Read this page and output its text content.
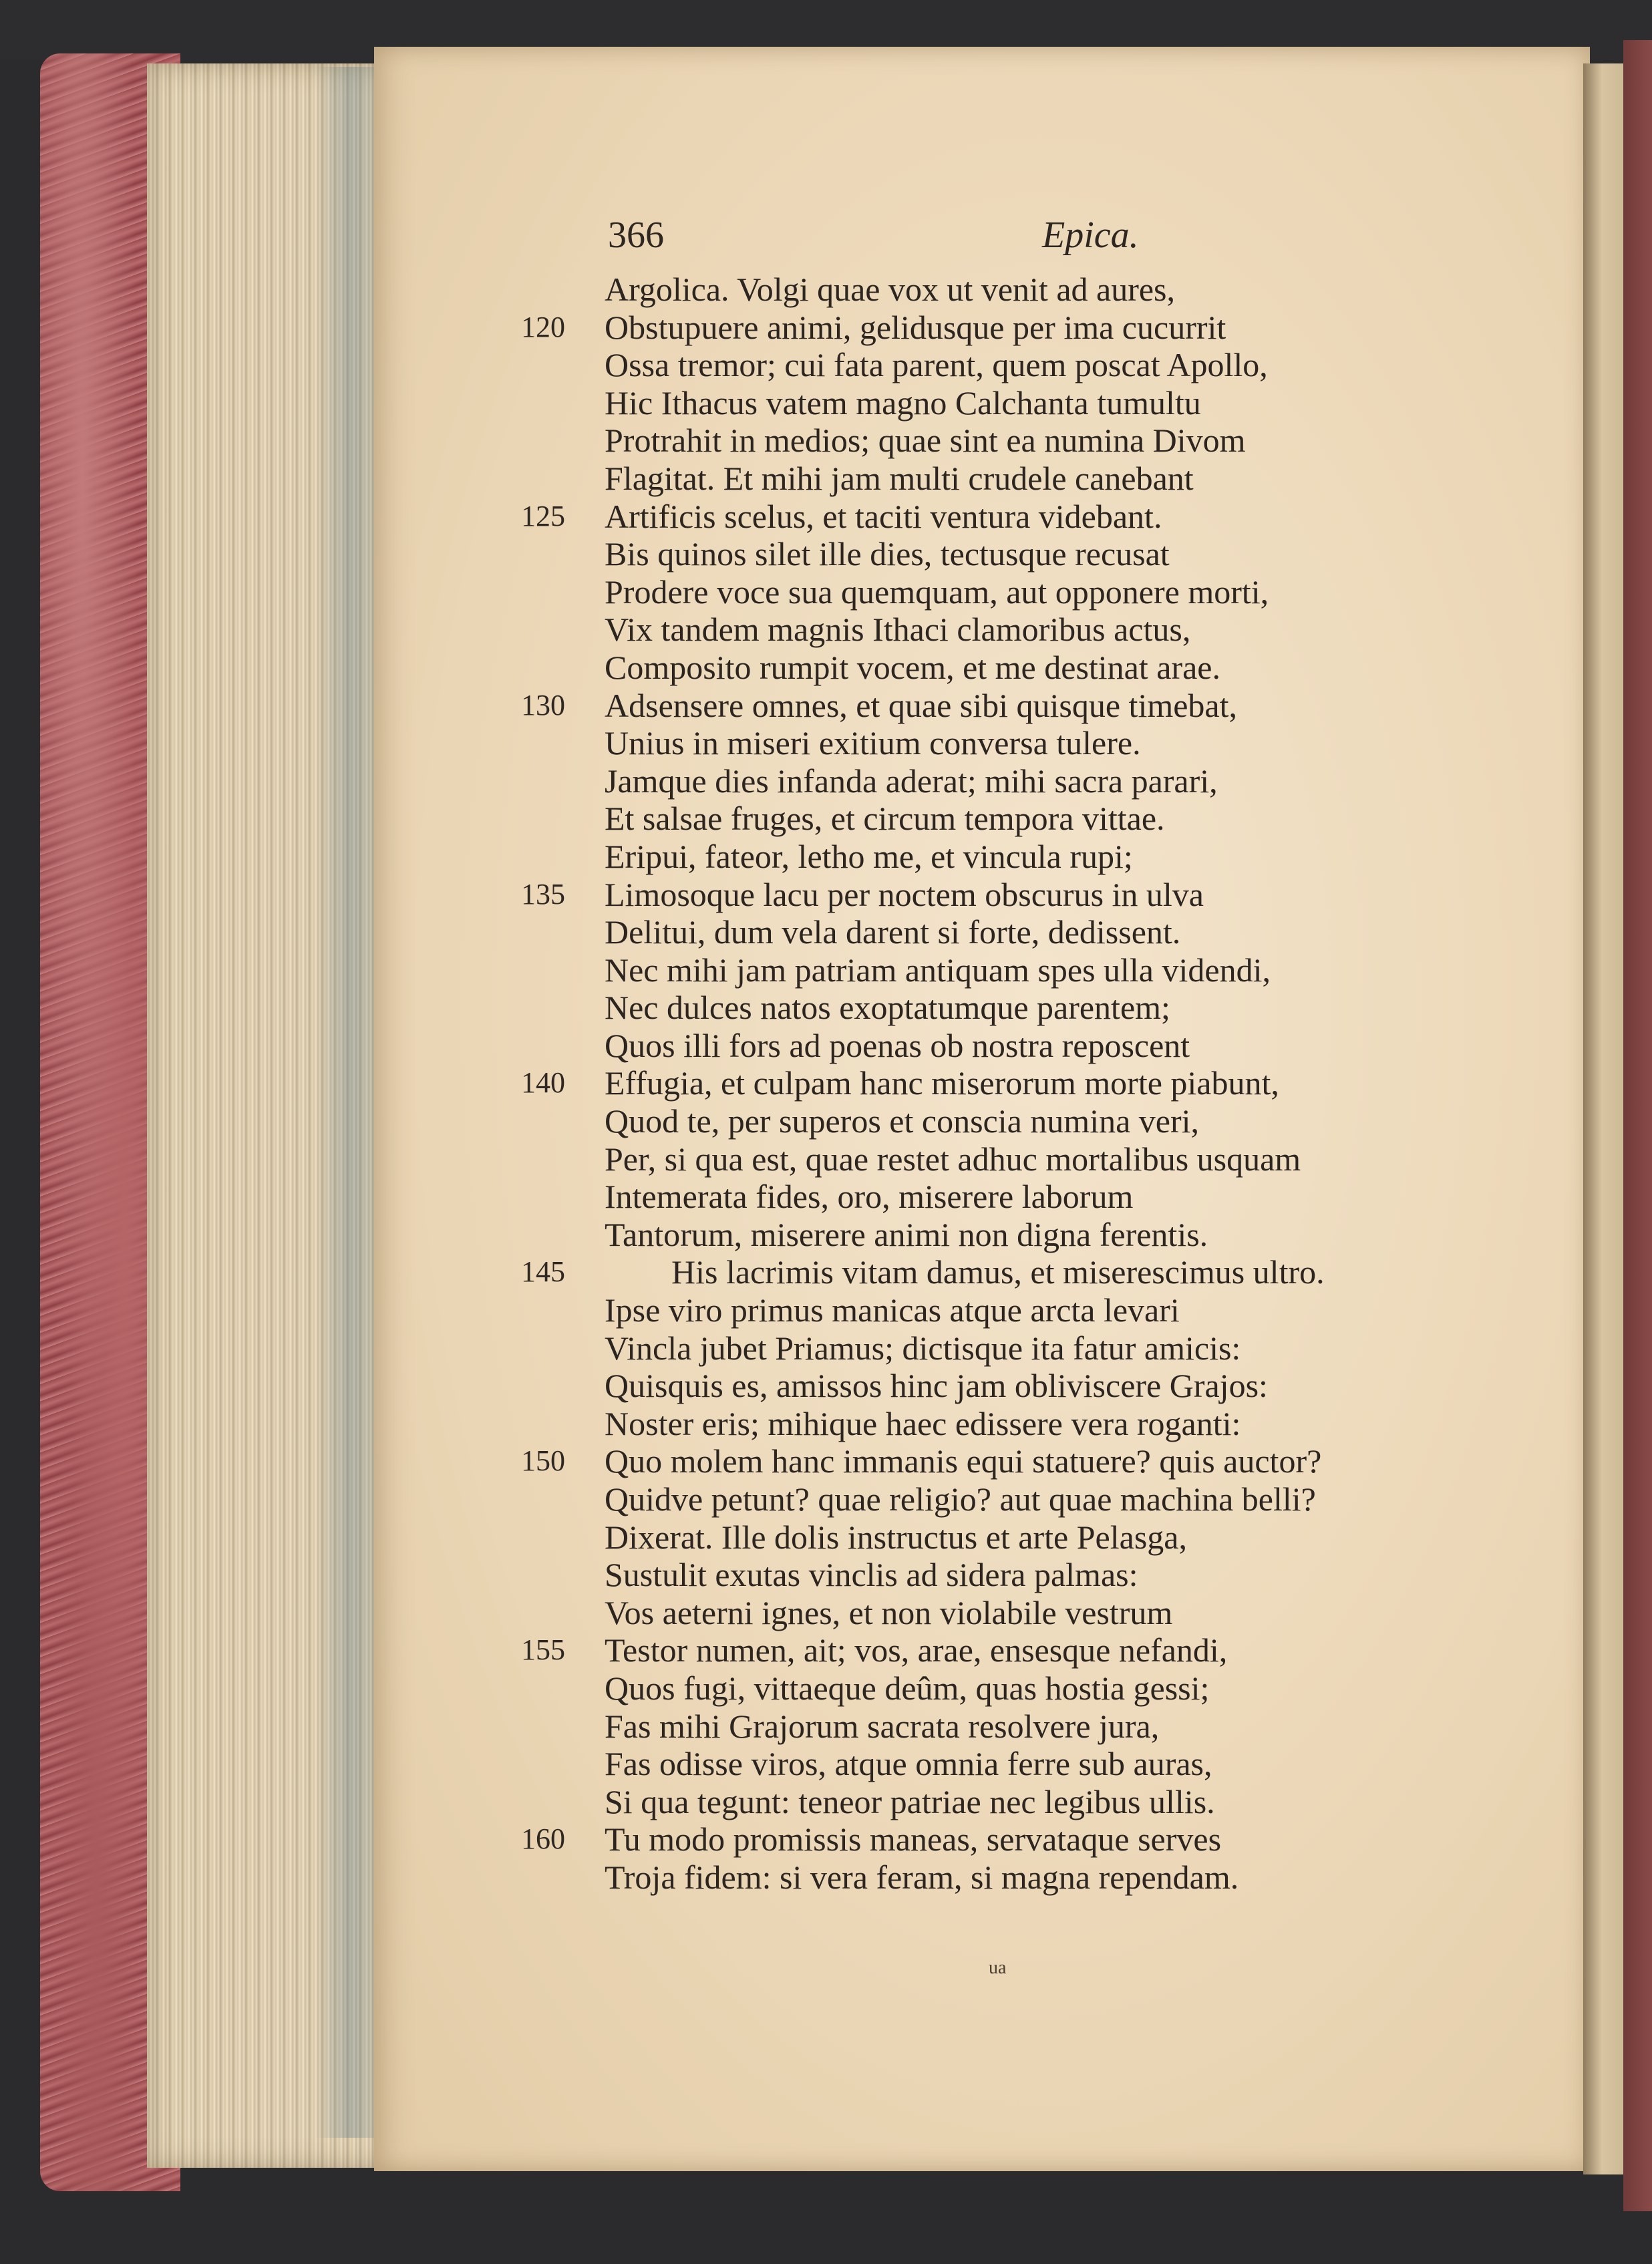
366	Epica.
Argolica. Volgi quae vox ut venit ad aures,
120	Obstupuere animi, gelidusque per ima cucurrit
Ossa tremor; cui fata parent, quem poscat Apollo,
Hic Ithacus vatem magno Calchanta tumultu
Protrahit in medios; quae sint ea numina Divom
Flagitat. Et mihi jam multi crudele canebant
125	Artificis scelus, et taciti ventura videbant.
Bis quinos silet ille dies, tectusque recusat
Prodere voce sua quemquam, aut opponere morti,
Vix tandem magnis Ithaci clamoribus actus,
Composito rumpit vocem, et me destinat arae.
130	Adsensere omnes, et quae sibi quisque timebat,
Unius in miseri exitium conversa tulere.
Jamque dies infanda aderat; mihi sacra parari,
Et salsae fruges, et circum tempora vittae.
Eripui, fateor, letho me, et vincula rupi;
135	Limosoque lacu per noctem obscurus in ulva
Delitui, dum vela darent si forte, dedissent.
Nec mihi jam patriam antiquam spes ulla videndi,
Nec dulces natos exoptatumque parentem;
Quos illi fors ad poenas ob nostra reposcent
140	Effugia, et culpam hanc miserorum morte piabunt,
Quod te, per superos et conscia numina veri,
Per, si qua est, quae restet adhuc mortalibus usquam
Intemerata fides, oro, miserere laborum
Tantorum, miserere animi non digna ferentis.
145	His lacrimis vitam damus, et miserescimus ultro.
Ipse viro primus manicas atque arcta levari
Vincla jubet Priamus; dictisque ita fatur amicis:
Quisquis es, amissos hinc jam obliviscere Grajos:
Noster eris; mihique haec edissere vera roganti:
150	Quo molem hanc immanis equi statuere? quis auctor?
Quidve petunt? quae religio? aut quae machina belli?
Dixerat. Ille dolis instructus et arte Pelasga,
Sustulit exutas vinclis ad sidera palmas:
Vos aeterni ignes, et non violabile vestrum
155	Testor numen, ait; vos, arae, ensesque nefandi,
Quos fugi, vittaeque deûm, quas hostia gessi;
Fas mihi Grajorum sacrata resolvere jura,
Fas odisse viros, atque omnia ferre sub auras,
Si qua tegunt: teneor patriae nec legibus ullis.
160	Tu modo promissis maneas, servataque serves
Troja fidem: si vera feram, si magna rependam.
ua
